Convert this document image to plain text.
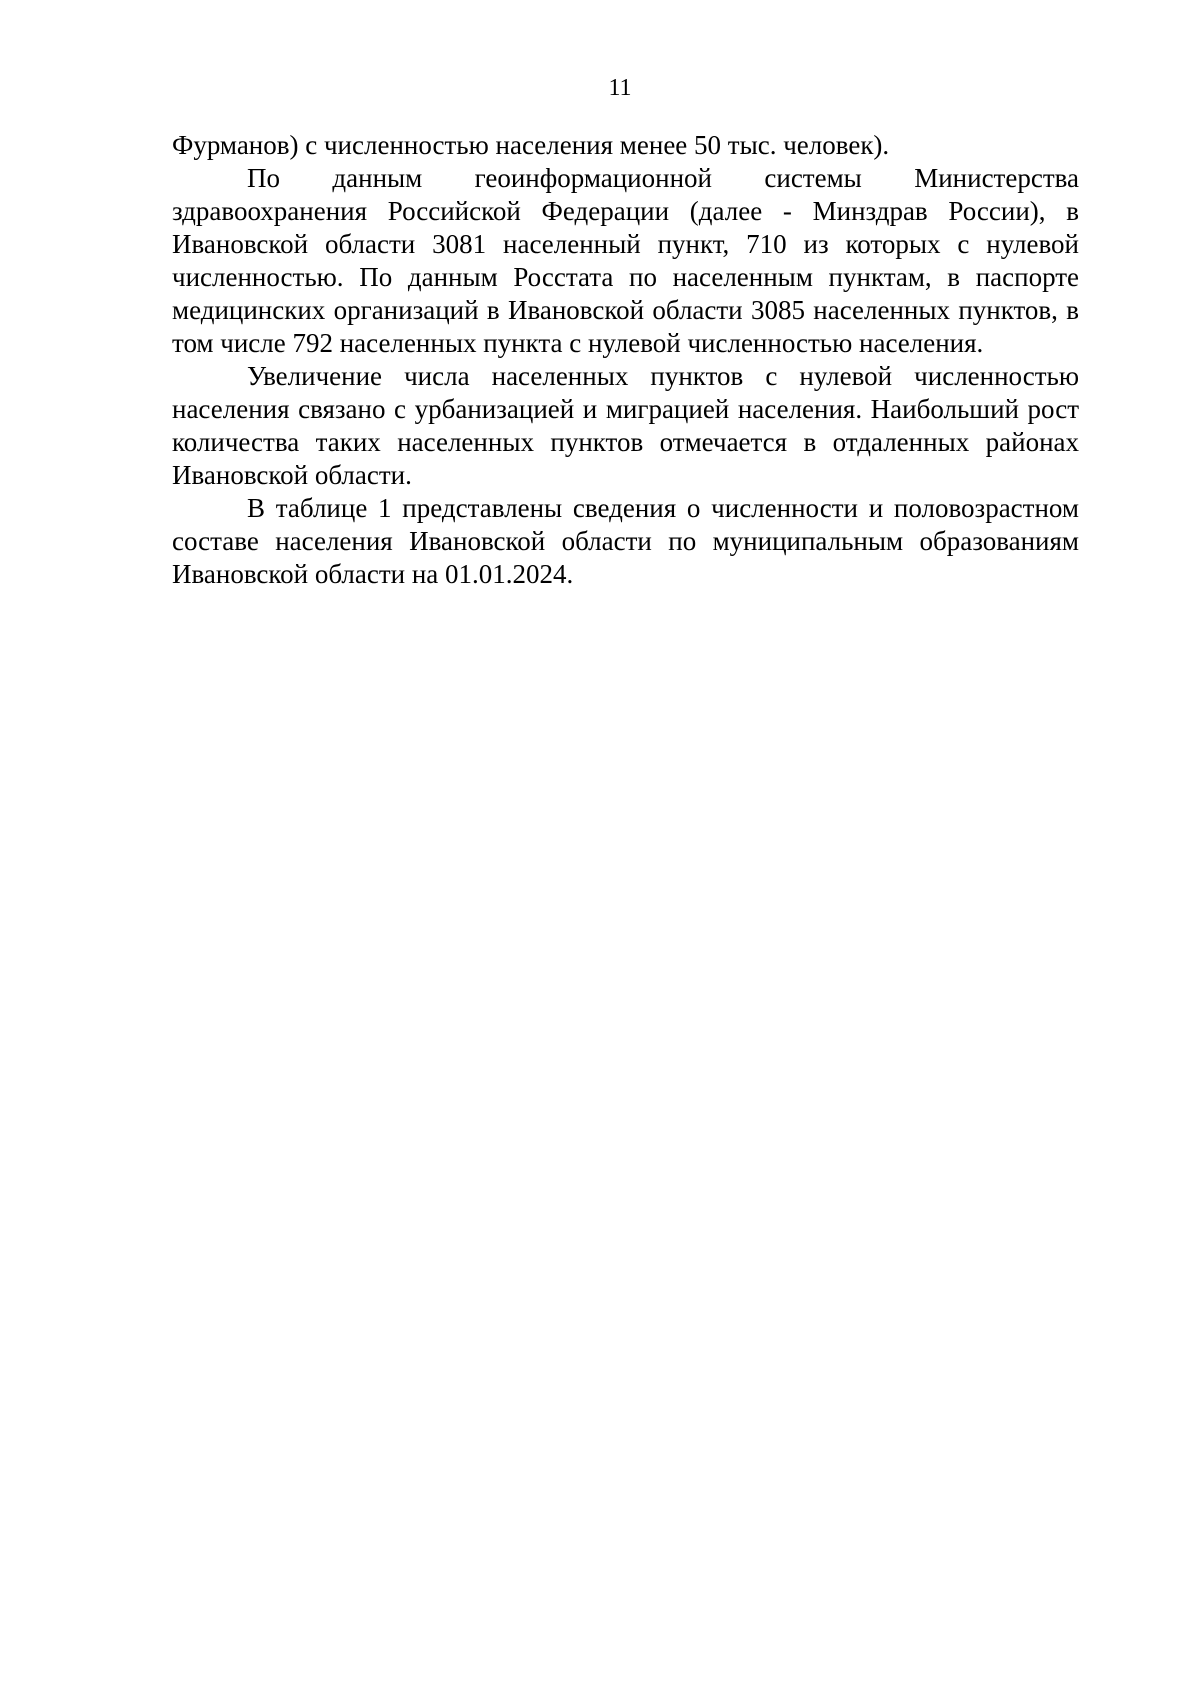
11

Фурманов) с численностью населения менее 50 тыс. человек).

По данным геоинформационной системы Министерства здравоохранения Российской Федерации (далее - Минздрав России), в Ивановской области 3081 населенный пункт, 710 из которых с нулевой численностью. По данным Росстата по населенным пунктам, в паспорте медицинских организаций в Ивановской области 3085 населенных пунктов, в том числе 792 населенных пункта с нулевой численностью населения.

Увеличение числа населенных пунктов с нулевой численностью населения связано с урбанизацией и миграцией населения. Наибольший рост количества таких населенных пунктов отмечается в отдаленных районах Ивановской области.

В таблице 1 представлены сведения о численности и половозрастном составе населения Ивановской области по муниципальным образованиям Ивановской области на 01.01.2024.
